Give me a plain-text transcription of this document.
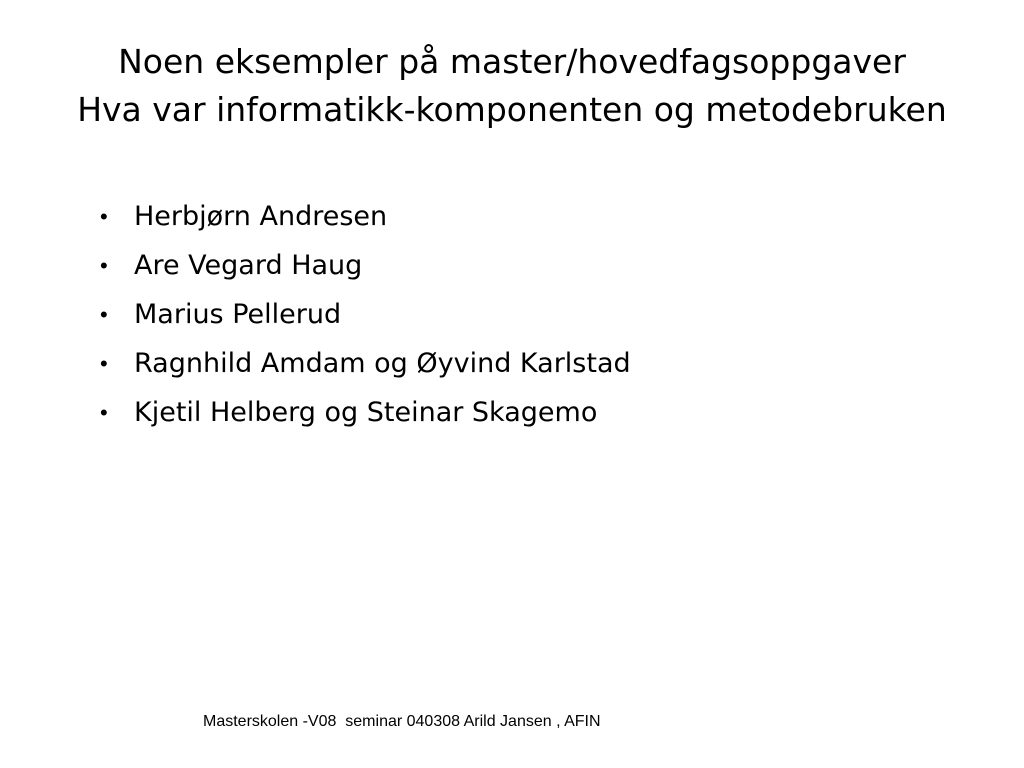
Noen eksempler på master/hovedfagsoppgaver
Hva var informatikk-komponenten og metodebruken
• Herbjørn Andresen
• Are Vegard Haug
• Marius Pellerud
• Ragnhild Amdam og Øyvind Karlstad
• Kjetil Helberg og Steinar Skagemo
Masterskolen -V08  seminar 040308 Arild Jansen , AFIN
